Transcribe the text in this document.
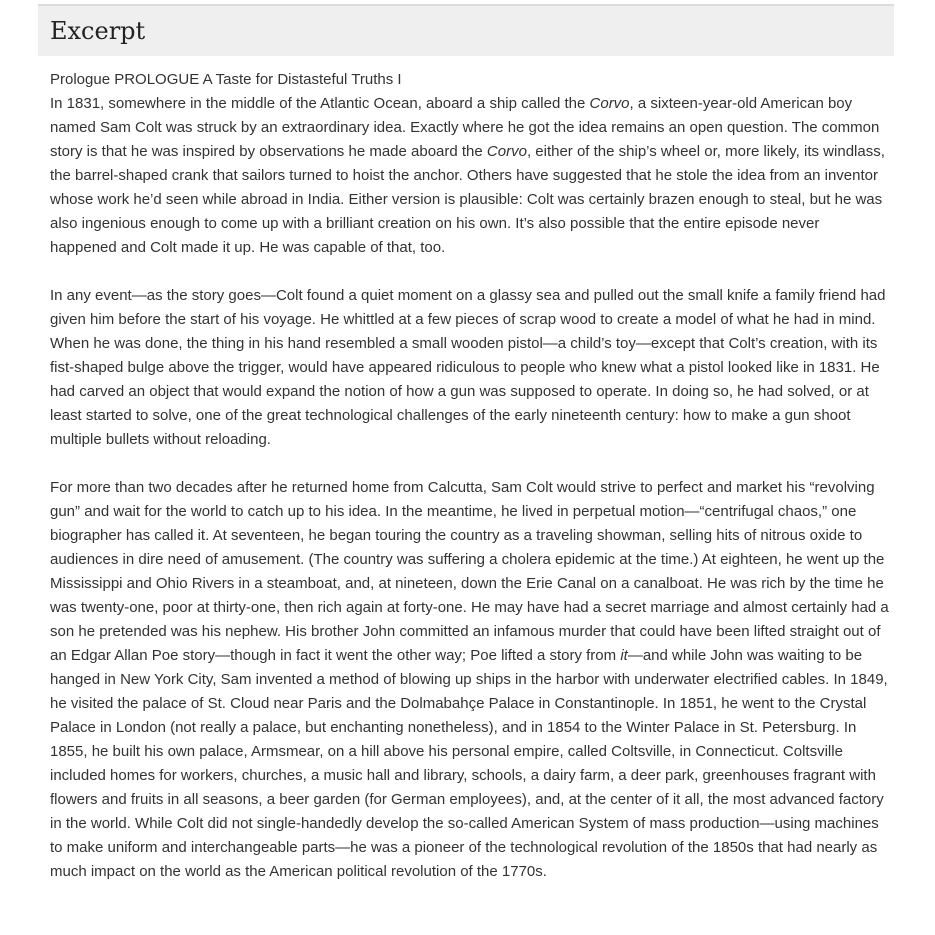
Excerpt

Prologue PROLOGUE A Taste for Distasteful Truths I
In 1831, somewhere in the middle of the Atlantic Ocean, aboard a ship called the Corvo, a sixteen-year-old American boy named Sam Colt was struck by an extraordinary idea. Exactly where he got the idea remains an open question. The common story is that he was inspired by observations he made aboard the Corvo, either of the ship’s wheel or, more likely, its windlass, the barrel-shaped crank that sailors turned to hoist the anchor. Others have suggested that he stole the idea from an inventor whose work he’d seen while abroad in India. Either version is plausible: Colt was certainly brazen enough to steal, but he was also ingenious enough to come up with a brilliant creation on his own. It’s also possible that the entire episode never happened and Colt made it up. He was capable of that, too.

In any event—as the story goes—Colt found a quiet moment on a glassy sea and pulled out the small knife a family friend had given him before the start of his voyage. He whittled at a few pieces of scrap wood to create a model of what he had in mind. When he was done, the thing in his hand resembled a small wooden pistol—a child’s toy—except that Colt’s creation, with its fist-shaped bulge above the trigger, would have appeared ridiculous to people who knew what a pistol looked like in 1831. He had carved an object that would expand the notion of how a gun was supposed to operate. In doing so, he had solved, or at least started to solve, one of the great technological challenges of the early nineteenth century: how to make a gun shoot multiple bullets without reloading.

For more than two decades after he returned home from Calcutta, Sam Colt would strive to perfect and market his “revolving gun” and wait for the world to catch up to his idea. In the meantime, he lived in perpetual motion—“centrifugal chaos,” one biographer has called it. At seventeen, he began touring the country as a traveling showman, selling hits of nitrous oxide to audiences in dire need of amusement. (The country was suffering a cholera epidemic at the time.) At eighteen, he went up the Mississippi and Ohio Rivers in a steamboat, and, at nineteen, down the Erie Canal on a canalboat. He was rich by the time he was twenty-one, poor at thirty-one, then rich again at forty-one. He may have had a secret marriage and almost certainly had a son he pretended was his nephew. His brother John committed an infamous murder that could have been lifted straight out of an Edgar Allan Poe story—though in fact it went the other way; Poe lifted a story from it—and while John was waiting to be hanged in New York City, Sam invented a method of blowing up ships in the harbor with underwater electrified cables. In 1849, he visited the palace of St. Cloud near Paris and the Dolmabahçe Palace in Constantinople. In 1851, he went to the Crystal Palace in London (not really a palace, but enchanting nonetheless), and in 1854 to the Winter Palace in St. Petersburg. In 1855, he built his own palace, Armsmear, on a hill above his personal empire, called Coltsville, in Connecticut. Coltsville included homes for workers, churches, a music hall and library, schools, a dairy farm, a deer park, greenhouses fragrant with flowers and fruits in all seasons, a beer garden (for German employees), and, at the center of it all, the most advanced factory in the world. While Colt did not single-handedly develop the so-called American System of mass production—using machines to make uniform and interchangeable parts—he was a pioneer of the technological revolution of the 1850s that had nearly as much impact on the world as the American political revolution of the 1770s.
